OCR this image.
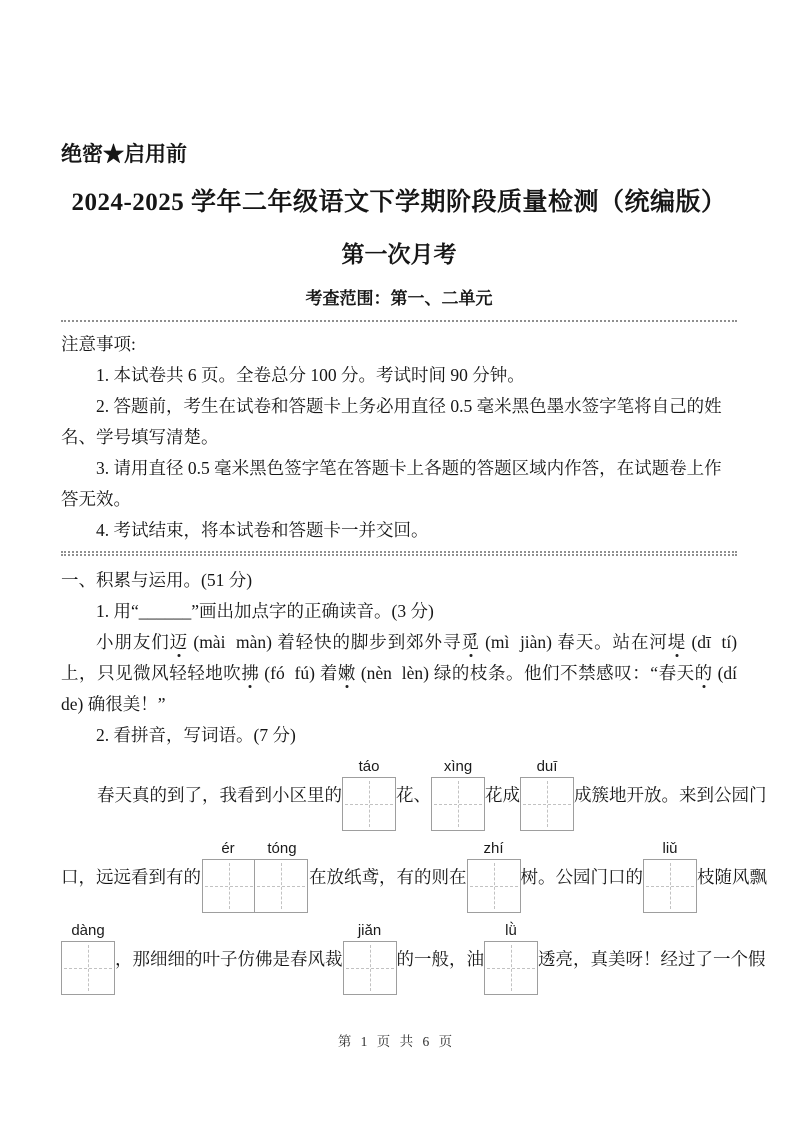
绝密★启用前
2024-2025 学年二年级语文下学期阶段质量检测（统编版）
第一次月考
考查范围：第一、二单元

注意事项:

1. 本试卷共 6 页。全卷总分 100 分。考试时间 90 分钟。

2. 答题前，考生在试卷和答题卡上务必用直径 0.5 毫米黑色墨水签字笔将自己的姓名、学号填写清楚。

3. 请用直径 0.5 毫米黑色签字笔在答题卡上各题的答题区域内作答，在试题卷上作答无效。

4. 考试结束，将本试卷和答题卡一并交回。

一、积累与运用。(51 分)
1. 用“______”画出加点字的正确读音。(3 分)
小朋友们迈 (mài  màn) 着轻快的脚步到郊外寻觅 (mì  jiàn) 春天。站在河堤 (dī  tí) 上，只见微风轻轻地吹拂 (fó  fú) 着嫩 (nèn  lèn) 绿的枝条。他们不禁感叹：“春天的 (dí de) 确很美！”
2. 看拼音，写词语。(7 分)
春天真的到了，我看到小区里的
táo
花、
xìng
花成
duī
成簇地开放。来到公园门
口，远远看到有的
ér	tóng
在放纸鸢，有的则在
zhí
树。公园门口的
liǔ
枝随风飘
dàng
，那细细的叶子仿佛是春风裁
jiǎn
的一般，油
lǜ
透亮，真美呀！经过了一个假
第 1 页 共 6 页
